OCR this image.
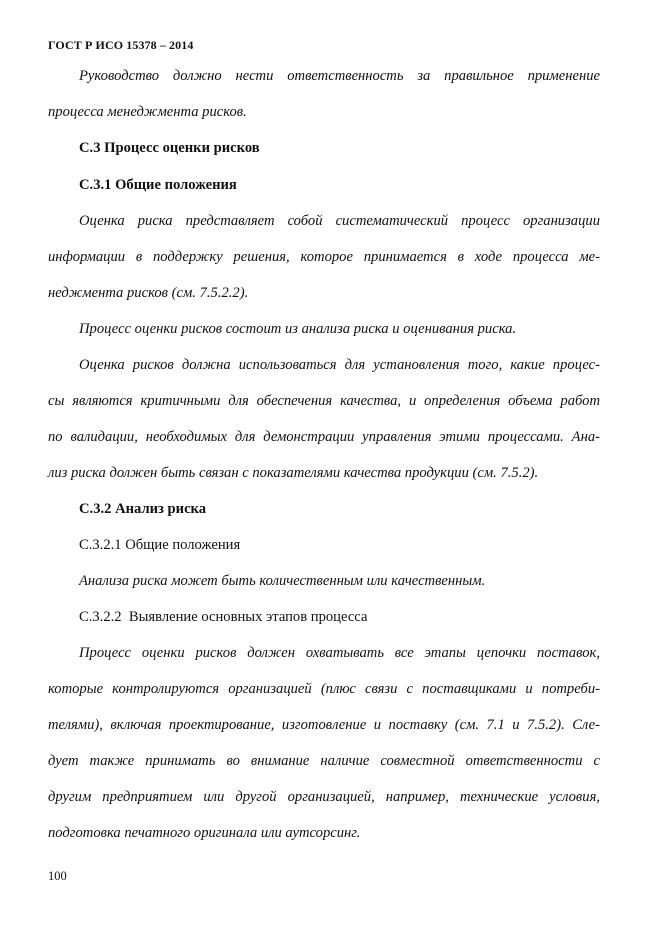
ГОСТ Р ИСО 15378 – 2014
Руководство должно нести ответственность за правильное применение
процесса менеджмента рисков.
С.3 Процесс оценки рисков
С.3.1 Общие положения
Оценка риска представляет собой систематический процесс организации
информации в поддержку решения, которое принимается в ходе процесса ме-
неджмента рисков (см. 7.5.2.2).
Процесс оценки рисков состоит из анализа риска и оценивания риска.
Оценка рисков должна использоваться для установления того, какие процес-
сы являются критичными для обеспечения качества, и определения объема работ
по валидации, необходимых для демонстрации управления этими процессами. Ана-
лиз риска должен быть связан с показателями качества продукции (см. 7.5.2).
С.3.2 Анализ риска
С.3.2.1 Общие положения
Анализа риска может быть количественным или качественным.
С.3.2.2  Выявление основных этапов процесса
Процесс оценки рисков должен охватывать все этапы цепочки поставок,
которые контролируются организацией (плюс связи с поставщиками и потреби-
телями), включая проектирование, изготовление и поставку (см. 7.1 и 7.5.2). Сле-
дует также принимать во внимание наличие совместной ответственности с
другим предприятием или другой организацией, например, технические условия,
подготовка печатного оригинала или аутсорсинг.
100
